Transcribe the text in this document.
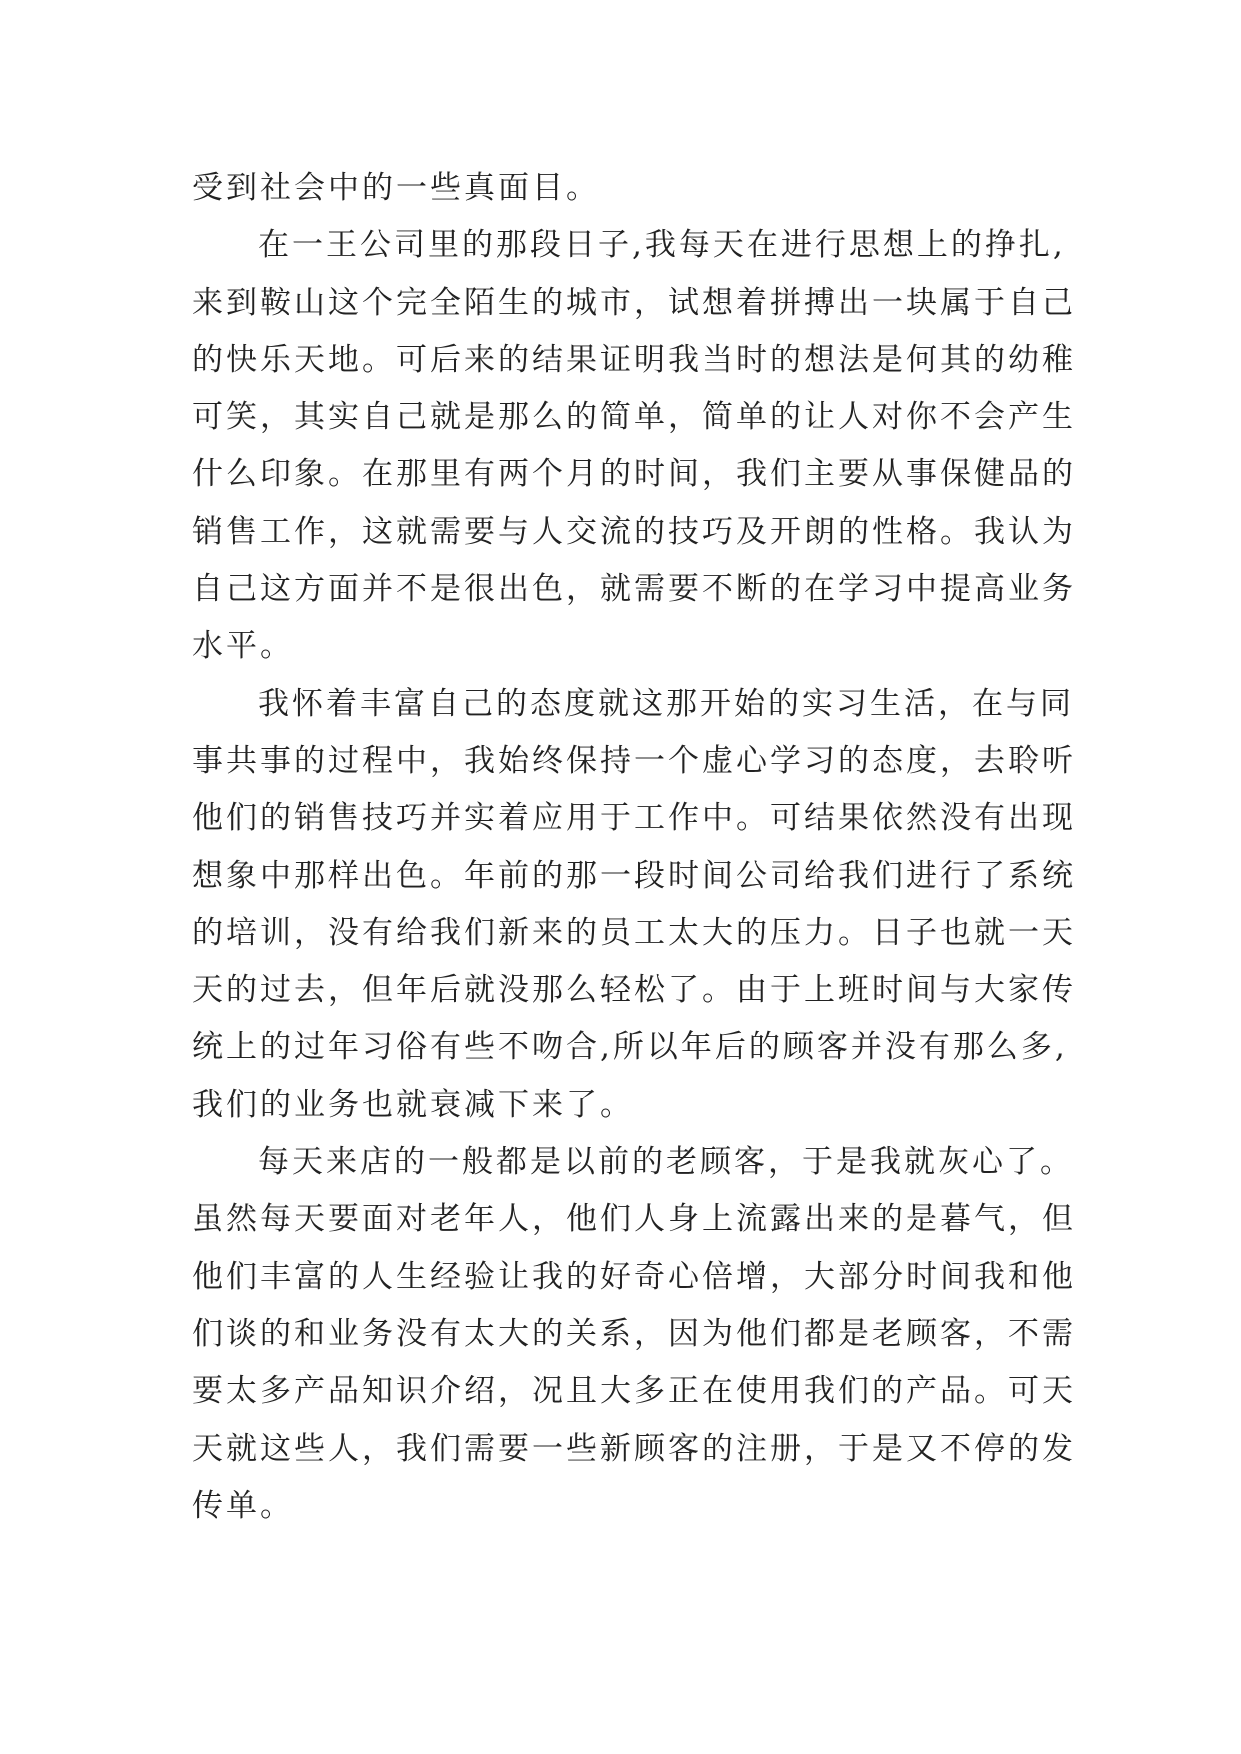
受到社会中的一些真面目。
在一王公司里的那段日子,我每天在进行思想上的挣扎,
来到鞍山这个完全陌生的城市，试想着拼搏出一块属于自己
的快乐天地。可后来的结果证明我当时的想法是何其的幼稚
可笑，其实自己就是那么的简单，简单的让人对你不会产生
什么印象。在那里有两个月的时间，我们主要从事保健品的
销售工作，这就需要与人交流的技巧及开朗的性格。我认为
自己这方面并不是很出色，就需要不断的在学习中提高业务
水平。
我怀着丰富自己的态度就这那开始的实习生活，在与同
事共事的过程中，我始终保持一个虚心学习的态度，去聆听
他们的销售技巧并实着应用于工作中。可结果依然没有出现
想象中那样出色。年前的那一段时间公司给我们进行了系统
的培训，没有给我们新来的员工太大的压力。日子也就一天
天的过去，但年后就没那么轻松了。由于上班时间与大家传
统上的过年习俗有些不吻合,所以年后的顾客并没有那么多,
我们的业务也就衰减下来了。
每天来店的一般都是以前的老顾客，于是我就灰心了。
虽然每天要面对老年人，他们人身上流露出来的是暮气，但
他们丰富的人生经验让我的好奇心倍增，大部分时间我和他
们谈的和业务没有太大的关系，因为他们都是老顾客，不需
要太多产品知识介绍，况且大多正在使用我们的产品。可天
天就这些人，我们需要一些新顾客的注册，于是又不停的发
传单。
